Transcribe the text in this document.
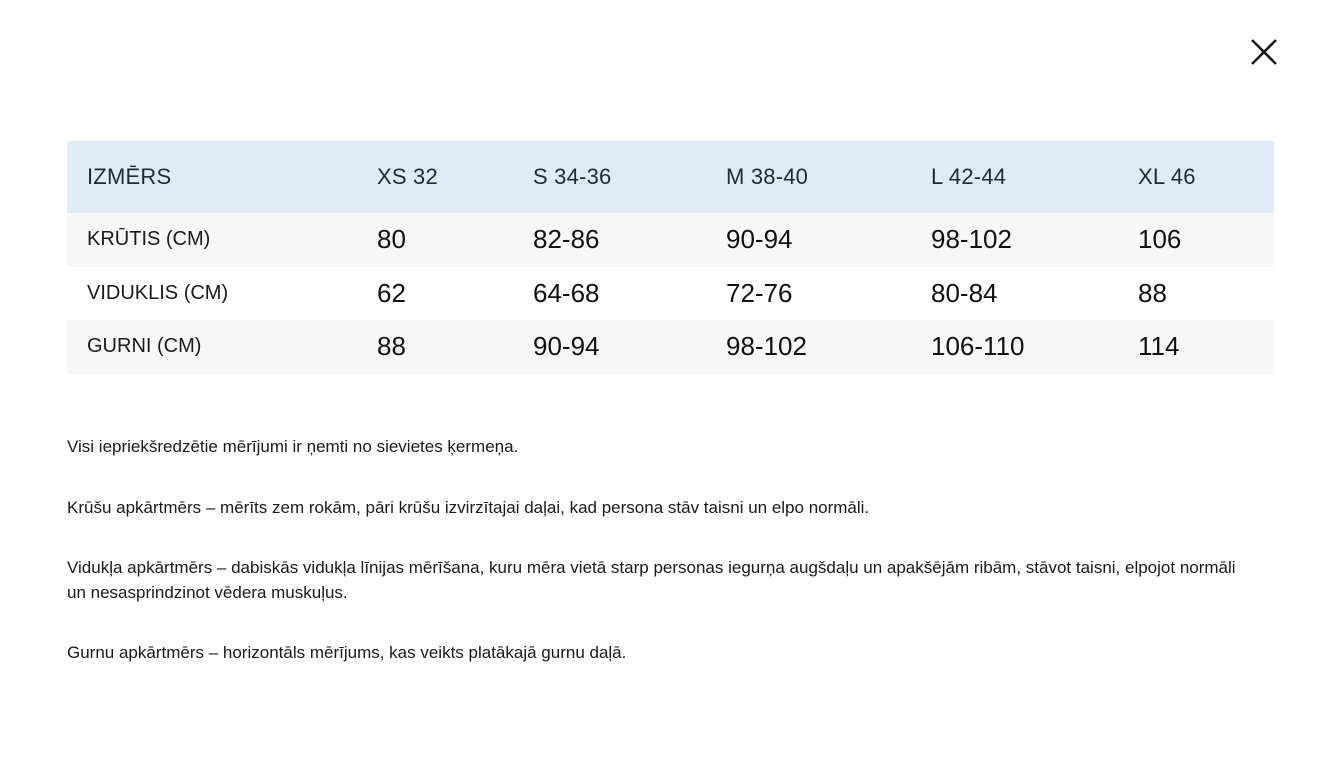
IZMĒRS	XS 32	S 34-36	M 38-40	L 42-44	XL 46
KRŪTIS (CM)	80	82-86	90-94	98-102	106
VIDUKLIS (CM)	62	64-68	72-76	80-84	88
GURNI (CM)	88	90-94	98-102	106-110	114

Visi iepriekšredzētie mērījumi ir ņemti no sievietes ķermeņa.

Krūšu apkārtmērs – mērīts zem rokām, pāri krūšu izvirzītajai daļai, kad persona stāv taisni un elpo normāli.

Vidukļa apkārtmērs – dabiskās vidukļa līnijas mērīšana, kuru mēra vietā starp personas iegurņa augšdaļu un apakšējām ribām, stāvot taisni, elpojot normāli un nesasprindzinot vēdera muskuļus.

Gurnu apkārtmērs – horizontāls mērījums, kas veikts platākajā gurnu daļā.
